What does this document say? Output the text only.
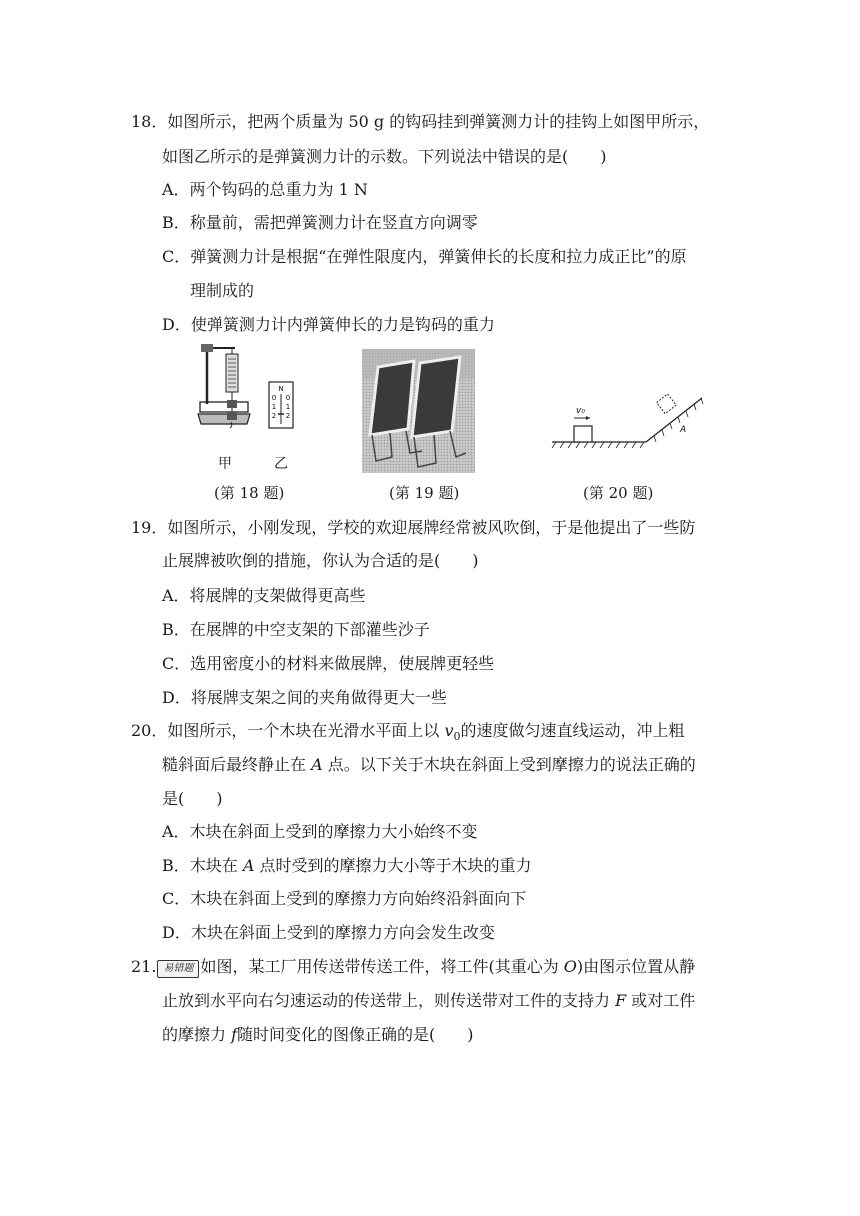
18．如图所示，把两个质量为 50 g 的钩码挂到弹簧测力计的挂钩上如图甲所示，
如图乙所示的是弹簧测力计的示数。下列说法中错误的是(　　)
A．两个钩码的总重力为 1 N
B．称量前，需把弹簧测力计在竖直方向调零
C．弹簧测力计是根据“在弹性限度内，弹簧伸长的长度和拉力成正比”的原
理制成的
D．使弹簧测力计内弹簧伸长的力是钩码的重力
N
0 0
1 1
2 2
甲	乙
v₀
A
(第 18 题)	(第 19 题)	(第 20 题)
19．如图所示，小刚发现，学校的欢迎展牌经常被风吹倒，于是他提出了一些防
止展牌被吹倒的措施，你认为合适的是(　　)
A．将展牌的支架做得更高些
B．在展牌的中空支架的下部灌些沙子
C．选用密度小的材料来做展牌，使展牌更轻些
D．将展牌支架之间的夹角做得更大一些
20．如图所示，一个木块在光滑水平面上以 $v_0$的速度做匀速直线运动，冲上粗
糙斜面后最终静止在 A 点。以下关于木块在斜面上受到摩擦力的说法正确的
是(　　)
A．木块在斜面上受到的摩擦力大小始终不变
B．木块在 A 点时受到的摩擦力大小等于木块的重力
C．木块在斜面上受到的摩擦力方向始终沿斜面向下
D．木块在斜面上受到的摩擦力方向会发生改变
21. 易错题 如图，某工厂用传送带传送工件，将工件(其重心为 O)由图示位置从静
止放到水平向右匀速运动的传送带上，则传送带对工件的支持力 F 或对工件
的摩擦力 f随时间变化的图像正确的是(　　)
